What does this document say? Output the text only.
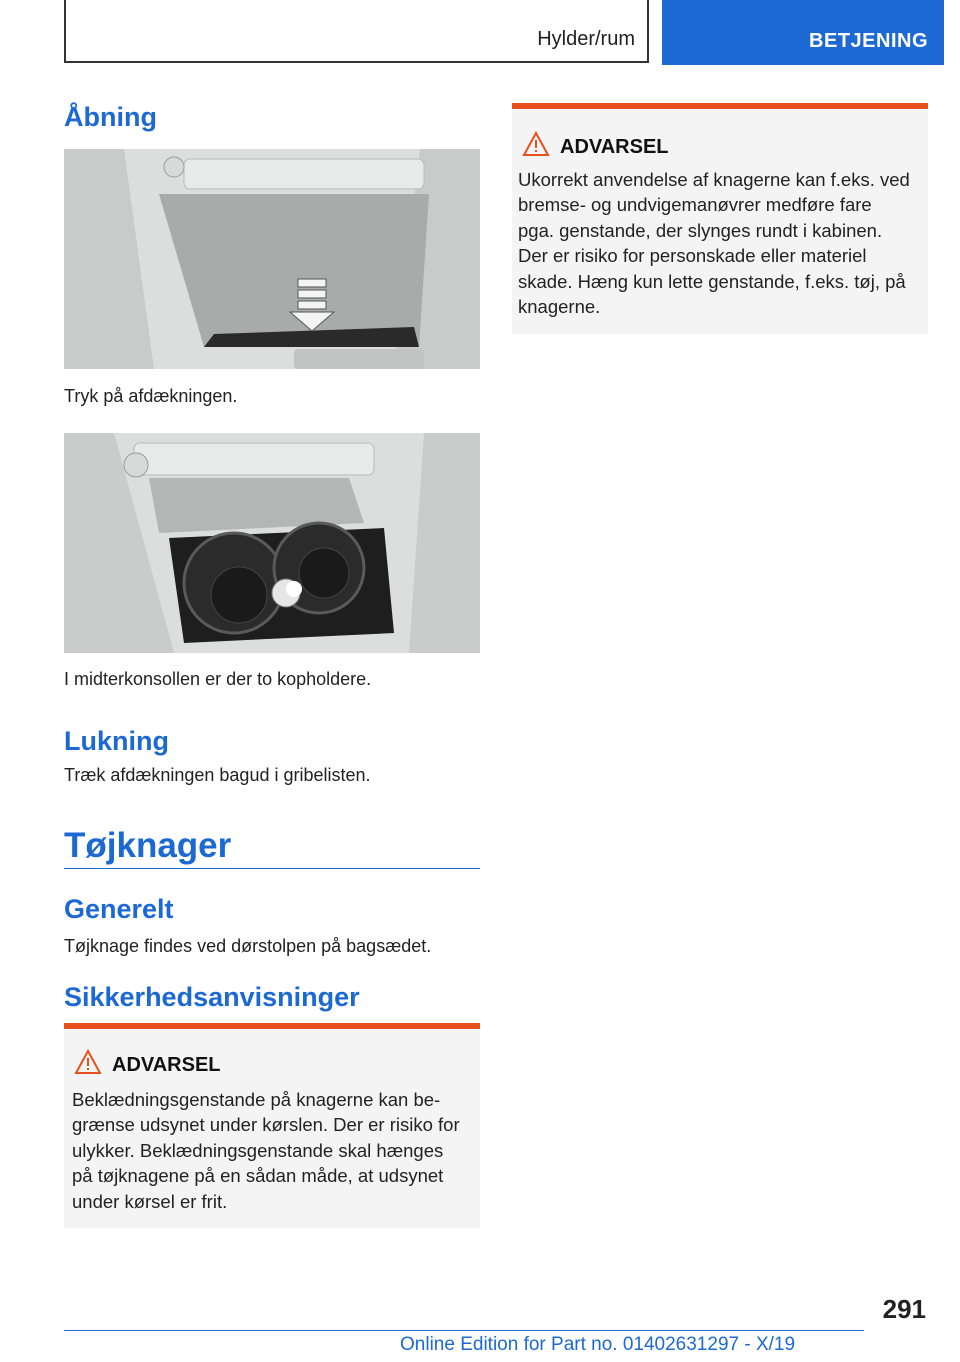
Hylder/rum	BETJENING
Åbning

Tryk på afdækningen.

I midterkonsollen er der to kopholdere.

Lukning

Træk afdækningen bagud i gribelisten.

Tøjknager
Generelt

Tøjknage findes ved dørstolpen på bagsædet.

Sikkerhedsanvisninger
ADVARSEL
Beklædningsgenstande på knagerne kan be-
grænse udsynet under kørslen. Der er risiko for
ulykker. Beklædningsgenstande skal hænges
på tøjknagene på en sådan måde, at udsynet
under kørsel er frit.
ADVARSEL
Ukorrekt anvendelse af knagerne kan f.eks. ved
bremse- og undvigemanøvrer medføre fare
pga. genstande, der slynges rundt i kabinen.
Der er risiko for personskade eller materiel
skade. Hæng kun lette genstande, f.eks. tøj, på
knagerne.
291
Online Edition for Part no. 01402631297 - X/19
